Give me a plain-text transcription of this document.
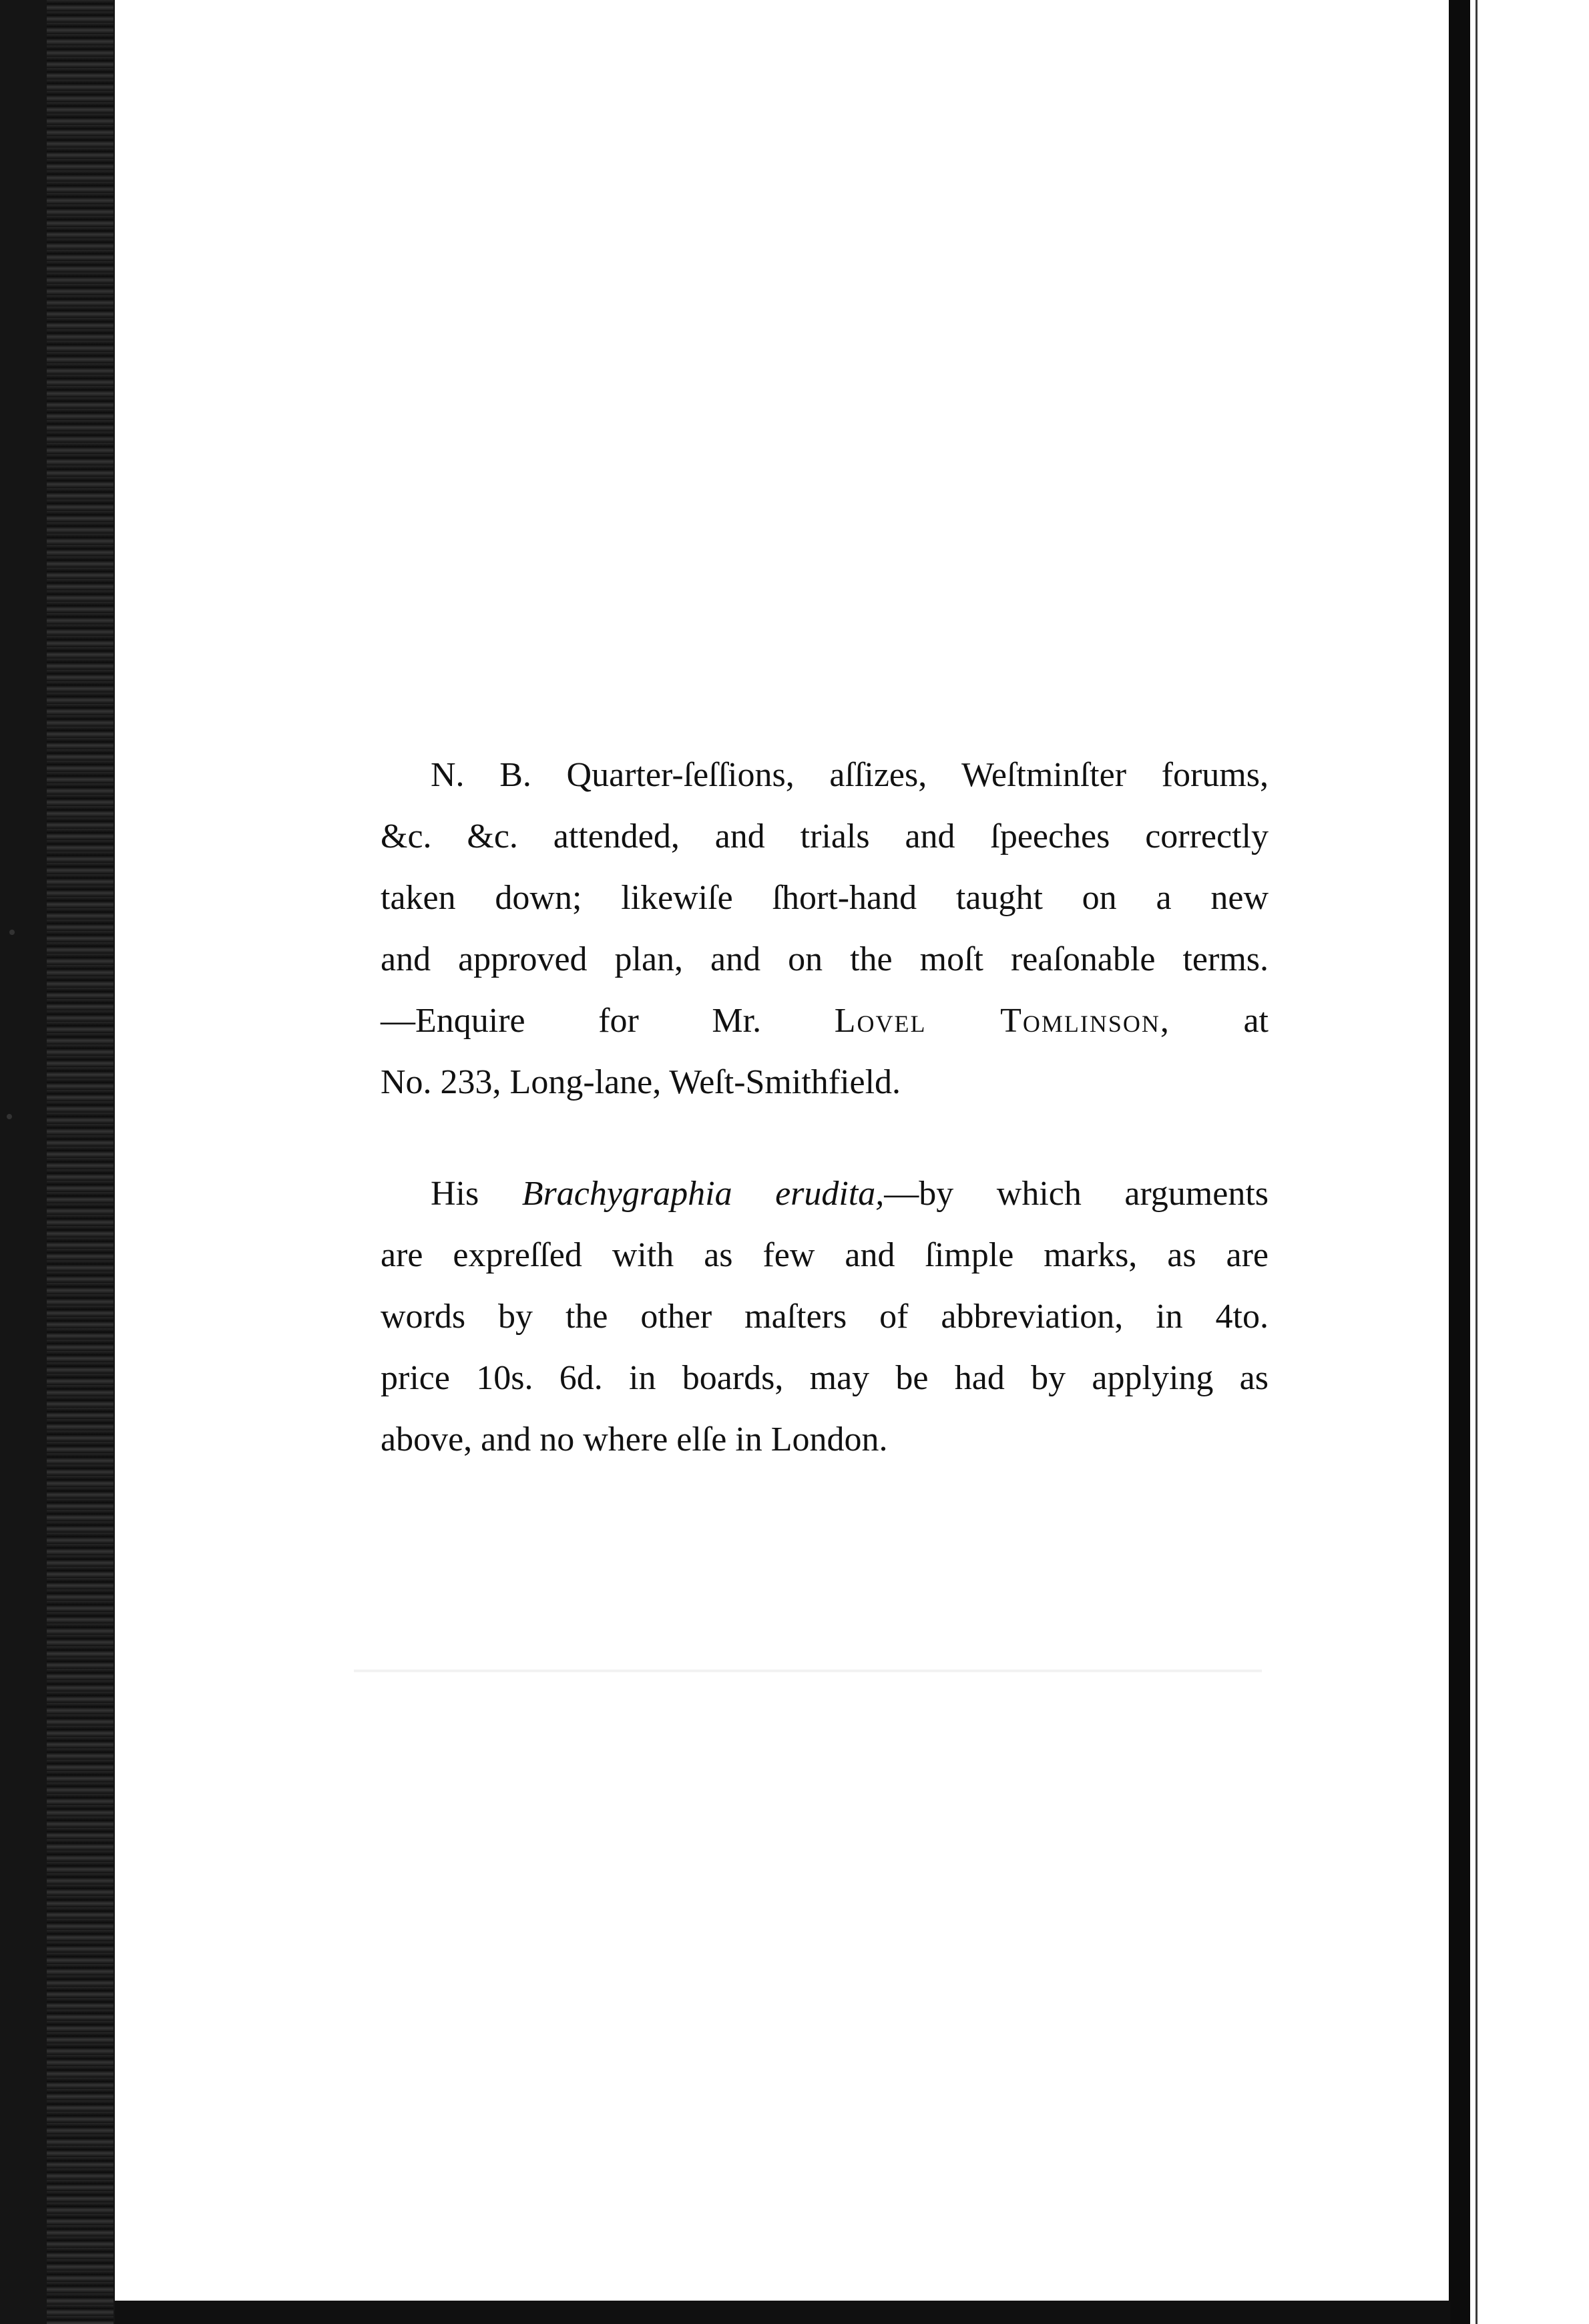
N. B. Quarter-ſeſſions, aſſizes, Weſtminſter forums,
&c. &c. attended, and trials and ſpeeches correctly
taken down; likewiſe ſhort-hand taught on a new
and approved plan, and on the moſt reaſonable terms.
—Enquire for Mr. Lovel Tomlinson, at
No. 233, Long-lane, Weſt-Smithfield.
His Brachygraphia erudita,—by which arguments
are expreſſed with as few and ſimple marks, as are
words by the other maſters of abbreviation, in 4to.
price 10s. 6d. in boards, may be had by applying as
above, and no where elſe in London.
